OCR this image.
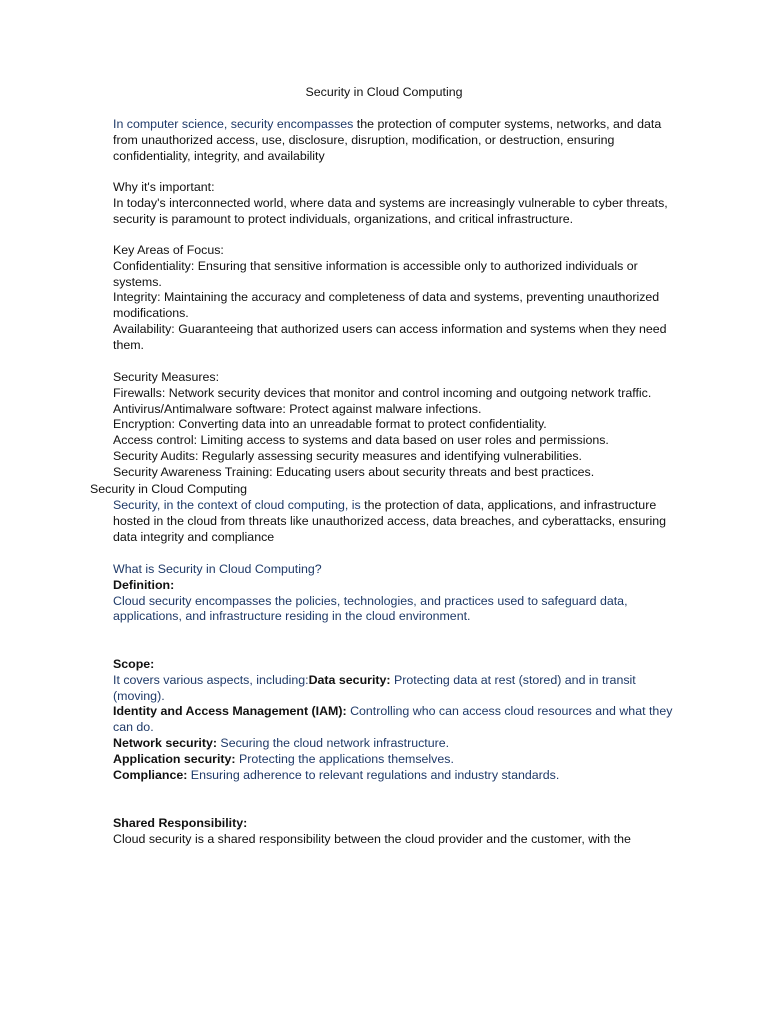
Security in Cloud Computing

In computer science, security encompasses the protection of computer systems, networks, and data from unauthorized access, use, disclosure, disruption, modification, or destruction, ensuring confidentiality, integrity, and availability

Why it's important:

In today's interconnected world, where data and systems are increasingly vulnerable to cyber threats, security is paramount to protect individuals, organizations, and critical infrastructure.

Key Areas of Focus:

Confidentiality: Ensuring that sensitive information is accessible only to authorized individuals or systems.

Integrity: Maintaining the accuracy and completeness of data and systems, preventing unauthorized modifications.

Availability: Guaranteeing that authorized users can access information and systems when they need them.

Security Measures:

Firewalls: Network security devices that monitor and control incoming and outgoing network traffic.

Antivirus/Antimalware software: Protect against malware infections.

Encryption: Converting data into an unreadable format to protect confidentiality.

Access control: Limiting access to systems and data based on user roles and permissions.

Security Audits: Regularly assessing security measures and identifying vulnerabilities.

Security Awareness Training: Educating users about security threats and best practices.

Security in Cloud Computing

Security, in the context of cloud computing, is the protection of data, applications, and infrastructure hosted in the cloud from threats like unauthorized access, data breaches, and cyberattacks, ensuring data integrity and compliance

What is Security in Cloud Computing?

Definition:

Cloud security encompasses the policies, technologies, and practices used to safeguard data, applications, and infrastructure residing in the cloud environment.

Scope:

It covers various aspects, including:Data security: Protecting data at rest (stored) and in transit (moving).

Identity and Access Management (IAM): Controlling who can access cloud resources and what they can do.

Network security: Securing the cloud network infrastructure.

Application security: Protecting the applications themselves.

Compliance: Ensuring adherence to relevant regulations and industry standards.

Shared Responsibility:

Cloud security is a shared responsibility between the cloud provider and the customer, with the
